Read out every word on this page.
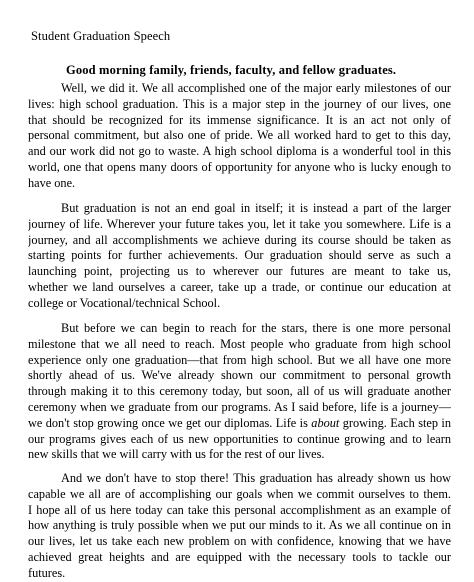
Student Graduation Speech
Good morning family, friends, faculty, and fellow graduates.
Well, we did it. We all accomplished one of the major early milestones of our
lives: high school graduation. This is a major step in the journey of our lives, one
that should be recognized for its immense significance. It is an act not only of
personal commitment, but also one of pride. We all worked hard to get to this day,
and our work did not go to waste. A high school diploma is a wonderful tool in this
world, one that opens many doors of opportunity for anyone who is lucky enough to
have one.
But graduation is not an end goal in itself; it is instead a part of the larger
journey of life. Wherever your future takes you, let it take you somewhere. Life is a
journey, and all accomplishments we achieve during its course should be taken as
starting points for further achievements. Our graduation should serve as such a
launching point, projecting us to wherever our futures are meant to take us,
whether we land ourselves a career, take up a trade, or continue our education at
college or Vocational/technical School.
But before we can begin to reach for the stars, there is one more personal
milestone that we all need to reach. Most people who graduate from high school
experience only one graduation—that from high school. But we all have one more
shortly ahead of us. We've already shown our commitment to personal growth
through making it to this ceremony today, but soon, all of us will graduate another
ceremony when we graduate from our programs. As I said before, life is a journey—
we don't stop growing once we get our diplomas. Life is about growing. Each step in
our programs gives each of us new opportunities to continue growing and to learn
new skills that we will carry with us for the rest of our lives.
And we don't have to stop there! This graduation has already shown us how
capable we all are of accomplishing our goals when we commit ourselves to them.
I hope all of us here today can take this personal accomplishment as an example of
how anything is truly possible when we put our minds to it. As we all continue on in
our lives, let us take each new problem on with confidence, knowing that we have
achieved great heights and are equipped with the necessary tools to tackle our
futures.
